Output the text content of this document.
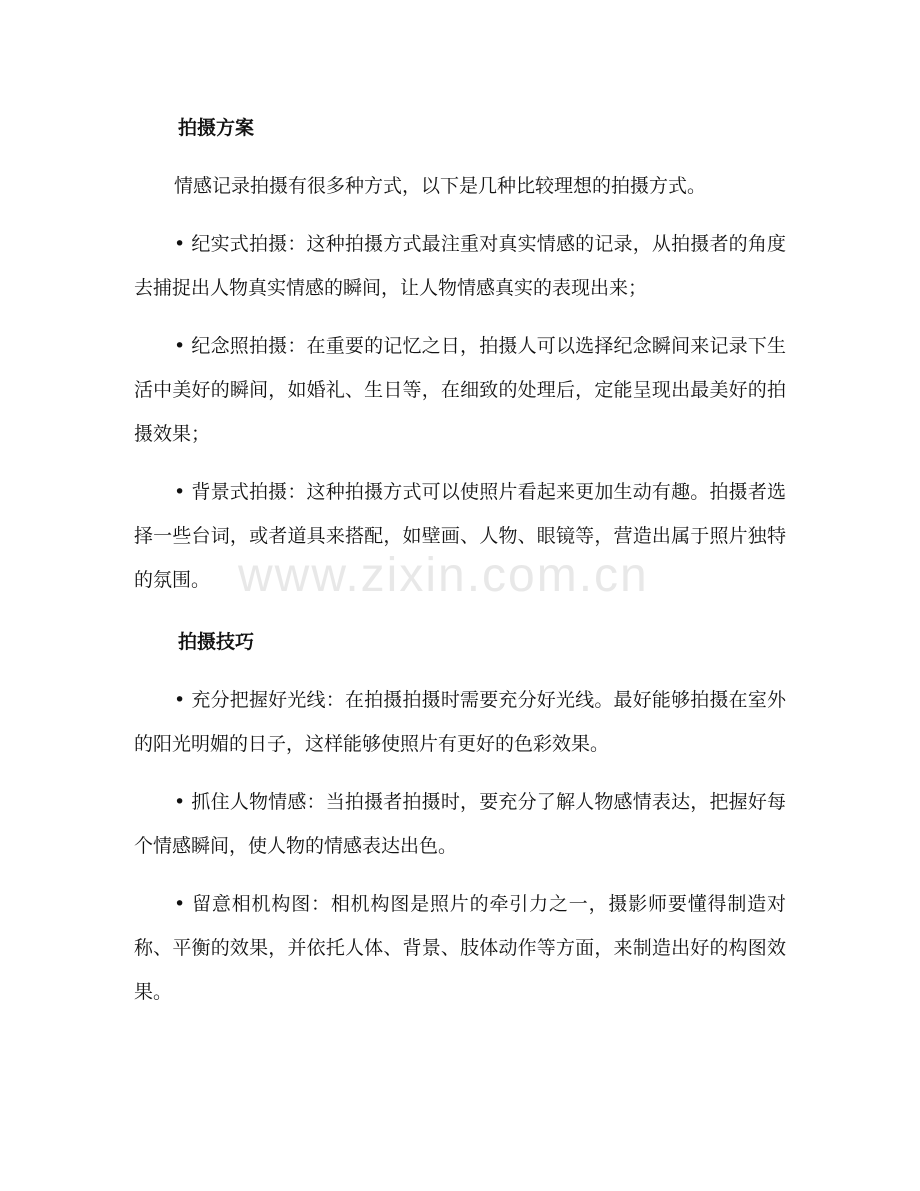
拍摄方案

情感记录拍摄有很多种方式，以下是几种比较理想的拍摄方式。

• 纪实式拍摄：这种拍摄方式最注重对真实情感的记录，从拍摄者的角度去捕捉出人物真实情感的瞬间，让人物情感真实的表现出来；

• 纪念照拍摄：在重要的记忆之日，拍摄人可以选择纪念瞬间来记录下生活中美好的瞬间，如婚礼、生日等，在细致的处理后，定能呈现出最美好的拍摄效果；

• 背景式拍摄：这种拍摄方式可以使照片看起来更加生动有趣。拍摄者选择一些台词，或者道具来搭配，如壁画、人物、眼镜等，营造出属于照片独特的氛围。

拍摄技巧

• 充分把握好光线：在拍摄拍摄时需要充分好光线。最好能够拍摄在室外的阳光明媚的日子，这样能够使照片有更好的色彩效果。

• 抓住人物情感：当拍摄者拍摄时，要充分了解人物感情表达，把握好每个情感瞬间，使人物的情感表达出色。

• 留意相机构图：相机构图是照片的牵引力之一，摄影师要懂得制造对称、平衡的效果，并依托人体、背景、肢体动作等方面，来制造出好的构图效果。

www.zixin.com.cn
